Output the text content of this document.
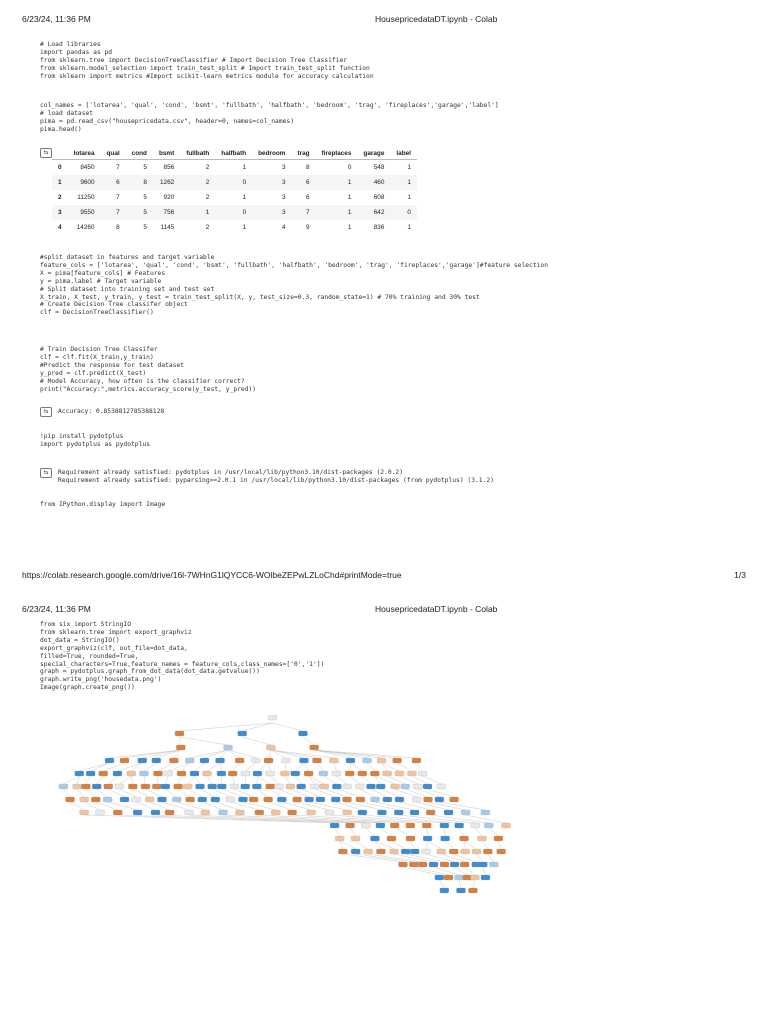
6/23/24, 11:36 PM	HousepricedataDT.ipynb - Colab
# Load libraries
import pandas as pd
from sklearn.tree import DecisionTreeClassifier # Import Decision Tree Classifier
from sklearn.model_selection import train_test_split # Import train_test_split function
from sklearn import metrics #Import scikit-learn metrics module for accuracy calculation
col_names = ['lotarea', 'qual', 'cond', 'bsmt', 'fullbath', 'halfbath', 'bedroom', 'trag', 'fireplaces','garage','label']
# load dataset
pima = pd.read_csv("housepricedata.csv", header=0, names=col_names)
pima.head()
⇆
		lotarea	qual	cond	bsmt	fullbath	halfbath	bedroom	trag	fireplaces	garage	label
0	8450	7	5	856	2	1	3	8	0	548	1
1	9600	6	8	1262	2	0	3	6	1	460	1
2	11250	7	5	920	2	1	3	6	1	608	1
3	9550	7	5	756	1	0	3	7	1	642	0
4	14260	8	5	1145	2	1	4	9	1	836	1
#split dataset in features and target variable
feature_cols = ['lotarea', 'qual', 'cond', 'bsmt', 'fullbath', 'halfbath', 'bedroom', 'trag', 'fireplaces','garage']#feature selection
X = pima[feature_cols] # Features
y = pima.label # Target variable
# Split dataset into training set and test set
X_train, X_test, y_train, y_test = train_test_split(X, y, test_size=0.3, random_state=1) # 70% training and 30% test
# Create Decision Tree classifer object
clf = DecisionTreeClassifier()
# Train Decision Tree Classifer
clf = clf.fit(X_train,y_train)
#Predict the response for test dataset
y_pred = clf.predict(X_test)
# Model Accuracy, how often is the classifier correct?
print("Accuracy:",metrics.accuracy_score(y_test, y_pred))
⇆	Accuracy: 0.8538812785388128
!pip install pydotplus
import pydotplus as pydotplus
⇆	Requirement already satisfied: pydotplus in /usr/local/lib/python3.10/dist-packages (2.0.2)
Requirement already satisfied: pyparsing>=2.0.1 in /usr/local/lib/python3.10/dist-packages (from pydotplus) (3.1.2)
from IPython.display import Image
https://colab.research.google.com/drive/16l-7WHnG1lQYCC6-WOlbeZEPwLZLoChd#printMode=true	1/3
6/23/24, 11:36 PM	HousepricedataDT.ipynb - Colab
from six import StringIO
from sklearn.tree import export_graphviz
dot_data = StringIO()
export_graphviz(clf, out_file=dot_data,
filled=True, rounded=True,
special_characters=True,feature_names = feature_cols,class_names=['0','1'])
graph = pydotplus.graph_from_dot_data(dot_data.getvalue())
graph.write_png('housedata.png')
Image(graph.create_png())
